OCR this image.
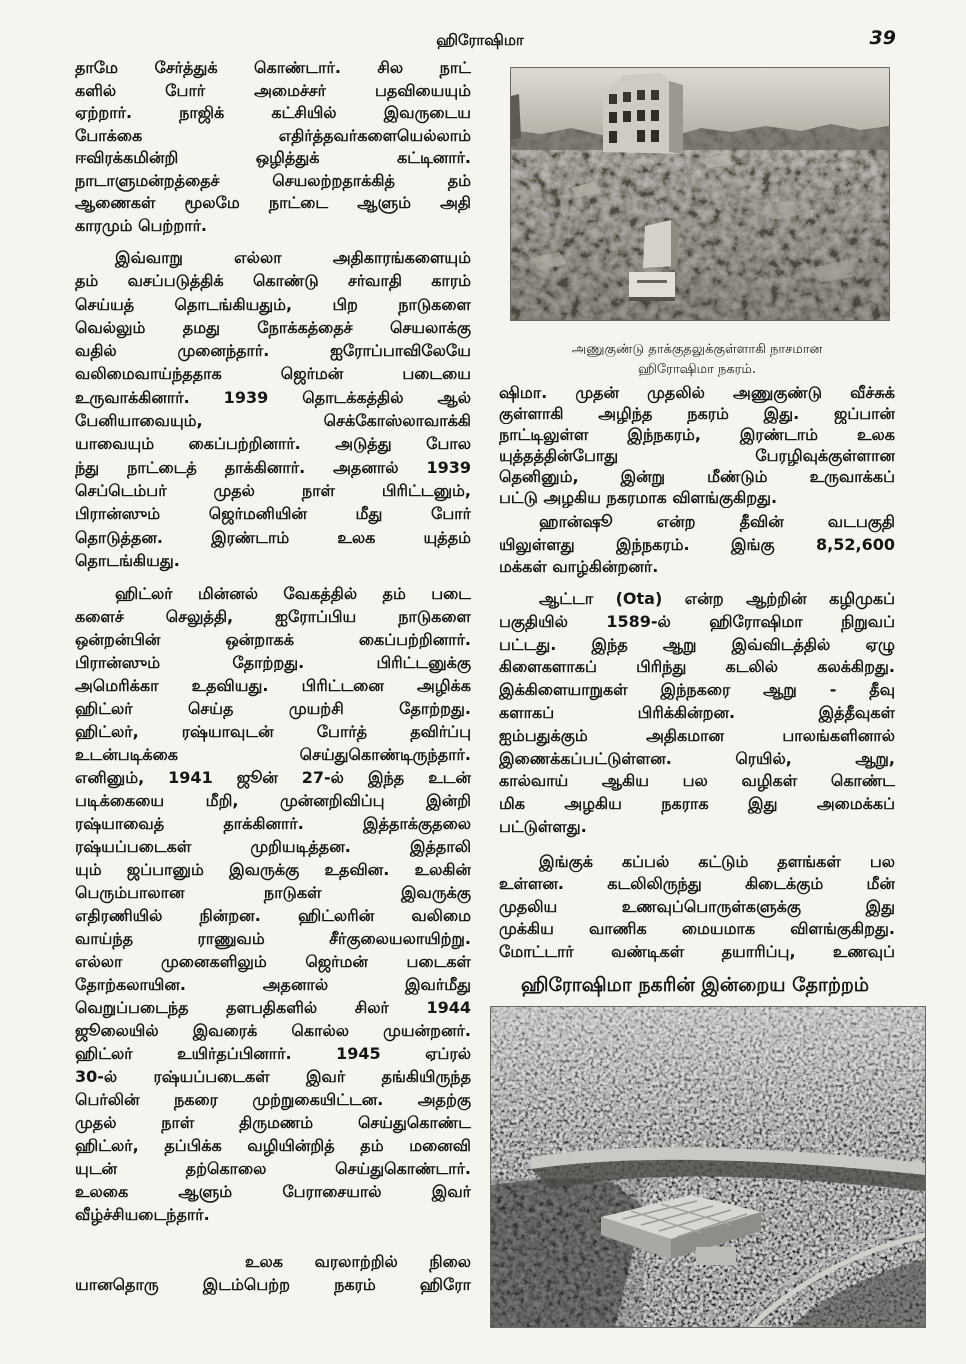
ஹிரோஷிமா	39
தாமே சேர்த்துக் கொண்டார். சில நாட்
களில் போர் அமைச்சர் பதவியையும்
ஏற்றார். நாஜிக் கட்சியில் இவருடைய
போக்கை எதிர்த்தவர்களையெல்லாம்
ஈவிரக்கமின்றி ஒழித்துக் கட்டினார்.
நாடாளுமன்றத்தைச் செயலற்றதாக்கித் தம்
ஆணைகள் மூலமே நாட்டை ஆளும் அதி
காரமும் பெற்றார்.
இவ்வாறு எல்லா அதிகாரங்களையும்
தம் வசப்படுத்திக் கொண்டு சர்வாதி காரம்
செய்யத் தொடங்கியதும், பிற நாடுகளை
வெல்லும் தமது நோக்கத்தைச் செயலாக்கு
வதில் முனைந்தார். ஐரோப்பாவிலேயே
வலிமைவாய்ந்ததாக ஜெர்மன் படையை
உருவாக்கினார். 1939 தொடக்கத்தில் ஆல்
பேனியாவையும், செக்கோஸ்லாவாக்கி
யாவையும் கைப்பற்றினார். அடுத்து போல
ந்து நாட்டைத் தாக்கினார். அதனால் 1939
செப்டெம்பர் முதல் நாள் பிரிட்டனும்,
பிரான்ஸும் ஜெர்மனியின் மீது போர்
தொடுத்தன. இரண்டாம் உலக யுத்தம்
தொடங்கியது.
ஹிட்லர் மின்னல் வேகத்தில் தம் படை
களைச் செலுத்தி, ஐரோப்பிய நாடுகளை
ஒன்றன்பின் ஒன்றாகக் கைப்பற்றினார்.
பிரான்ஸும் தோற்றது. பிரிட்டனுக்கு
அமெரிக்கா உதவியது. பிரிட்டனை அழிக்க
ஹிட்லர் செய்த முயற்சி தோற்றது.
ஹிட்லர், ரஷ்யாவுடன் போர்த் தவிர்ப்பு
உடன்படிக்கை செய்துகொண்டிருந்தார்.
எனினும், 1941 ஜூன் 27-ல் இந்த உடன்
படிக்கையை மீறி, முன்னறிவிப்பு இன்றி
ரஷ்யாவைத் தாக்கினார். இத்தாக்குதலை
ரஷ்யப்படைகள் முறியடித்தன. இத்தாலி
யும் ஜப்பானும் இவருக்கு உதவின. உலகின்
பெரும்பாலான நாடுகள் இவருக்கு
எதிரணியில் நின்றன. ஹிட்லரின் வலிமை
வாய்ந்த ராணுவம் சீர்குலையலாயிற்று.
எல்லா முனைகளிலும் ஜெர்மன் படைகள்
தோற்கலாயின. அதனால் இவர்மீது
வெறுப்படைந்த தளபதிகளில் சிலர் 1944
ஜூலையில் இவரைக் கொல்ல முயன்றனர்.
ஹிட்லர் உயிர்தப்பினார். 1945 ஏப்ரல்
30-ல் ரஷ்யப்படைகள் இவர் தங்கியிருந்த
பெர்லின் நகரை முற்றுகையிட்டன. அதற்கு
முதல் நாள் திருமணம் செய்துகொண்ட
ஹிட்லர், தப்பிக்க வழியின்றித் தம் மனைவி
யுடன் தற்கொலை செய்துகொண்டார்.
உலகை ஆளும் பேராசையால் இவர்
வீழ்ச்சியடைந்தார்.
உலக வரலாற்றில் நிலை
யானதொரு இடம்பெற்ற நகரம் ஹிரோ
அணுகுண்டு தாக்குதலுக்குள்ளாகி நாசமான
ஹிரோஷிமா நகரம்.
ஷிமா. முதன் முதலில் அணுகுண்டு வீச்சுக்
குள்ளாகி அழிந்த நகரம் இது. ஜப்பான்
நாட்டிலுள்ள இந்நகரம், இரண்டாம் உலக
யுத்தத்தின்போது பேரழிவுக்குள்ளான
தெனினும், இன்று மீண்டும் உருவாக்கப்
பட்டு அழகிய நகரமாக விளங்குகிறது.
ஹான்ஷூ என்ற தீவின் வடபகுதி
யிலுள்ளது இந்நகரம். இங்கு 8,52,600
மக்கள் வாழ்கின்றனர்.
ஆட்டா (Ota) என்ற ஆற்றின் கழிமுகப்
பகுதியில் 1589-ல் ஹிரோஷிமா நிறுவப்
பட்டது. இந்த ஆறு இவ்விடத்தில் ஏழு
கிளைகளாகப் பிரிந்து கடலில் கலக்கிறது.
இக்கிளையாறுகள் இந்நகரை ஆறு - தீவு
களாகப் பிரிக்கின்றன. இத்தீவுகள்
ஐம்பதுக்கும் அதிகமான பாலங்களினால்
இணைக்கப்பட்டுள்ளன. ரெயில், ஆறு,
கால்வாய் ஆகிய பல வழிகள் கொண்ட
மிக அழகிய நகராக இது அமைக்கப்
பட்டுள்ளது.
இங்குக் கப்பல் கட்டும் தளங்கள் பல
உள்ளன. கடலிலிருந்து கிடைக்கும் மீன்
முதலிய உணவுப்பொருள்களுக்கு இது
முக்கிய வாணிக மையமாக விளங்குகிறது.
மோட்டார் வண்டிகள் தயாரிப்பு, உணவுப்
ஹிரோஷிமா நகரின் இன்றைய தோற்றம்
